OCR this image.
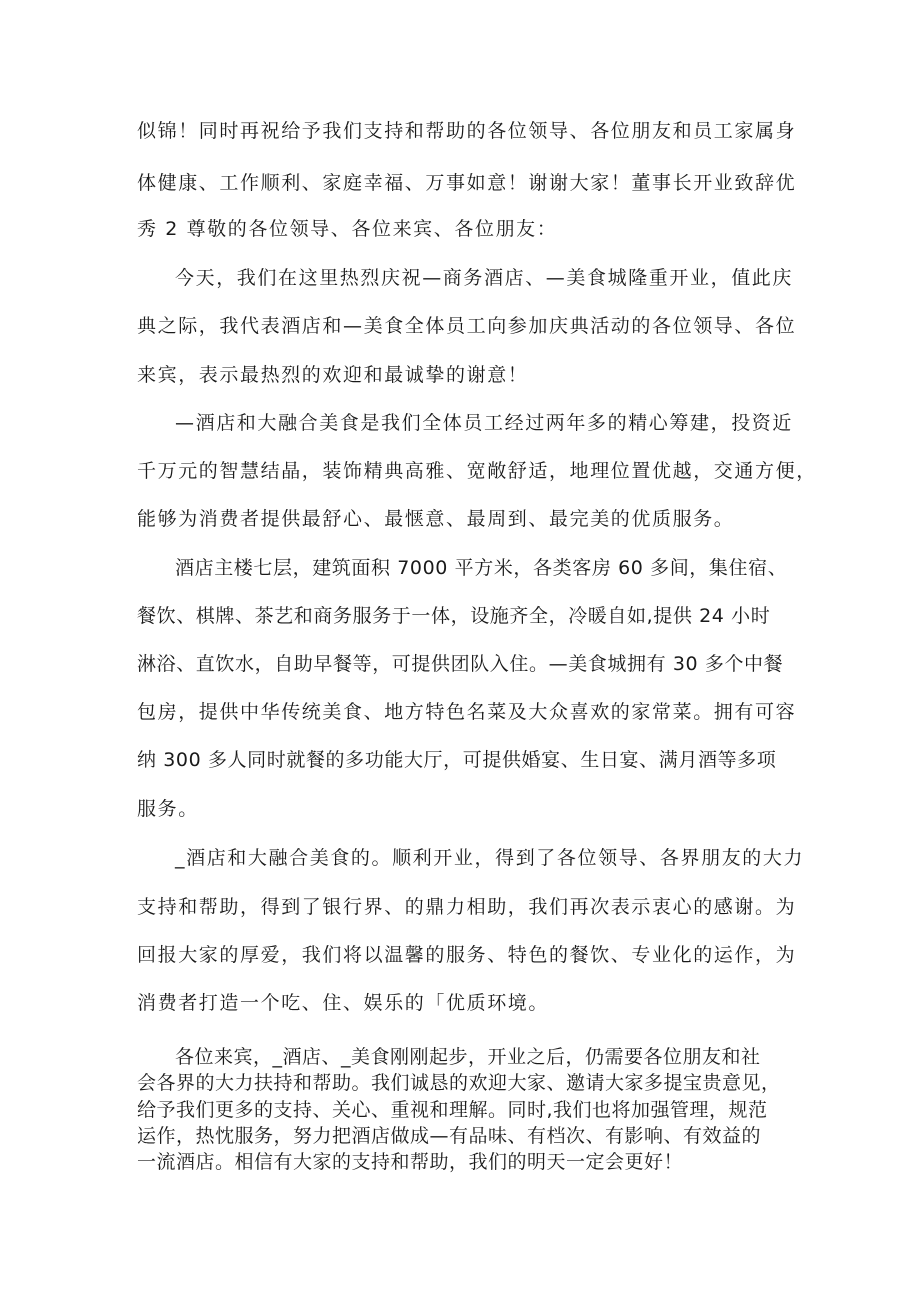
似锦！同时再祝给予我们支持和帮助的各位领导、各位朋友和员工家属身
体健康、工作顺利、家庭幸福、万事如意！谢谢大家！董事长开业致辞优
秀 2 尊敬的各位领导、各位来宾、各位朋友：
今天，我们在这里热烈庆祝—商务酒店、—美食城隆重开业，值此庆
典之际，我代表酒店和—美食全体员工向参加庆典活动的各位领导、各位
来宾，表示最热烈的欢迎和最诚挚的谢意！
—酒店和大融合美食是我们全体员工经过两年多的精心筹建，投资近
千万元的智慧结晶，装饰精典高雅、宽敞舒适，地理位置优越，交通方便，
能够为消费者提供最舒心、最惬意、最周到、最完美的优质服务。
酒店主楼七层，建筑面积 7000 平方米，各类客房 60 多间，集住宿、
餐饮、棋牌、茶艺和商务服务于一体，设施齐全，冷暖自如,提供 24 小时
淋浴、直饮水，自助早餐等，可提供团队入住。—美食城拥有 30 多个中餐
包房，提供中华传统美食、地方特色名菜及大众喜欢的家常菜。拥有可容
纳 300 多人同时就餐的多功能大厅，可提供婚宴、生日宴、满月酒等多项
服务。
_酒店和大融合美食的。顺利开业，得到了各位领导、各界朋友的大力
支持和帮助，得到了银行界、的鼎力相助，我们再次表示衷心的感谢。为
回报大家的厚爱，我们将以温馨的服务、特色的餐饮、专业化的运作，为
消费者打造一个吃、住、娱乐的「优质环境。
各位来宾，_酒店、_美食刚刚起步，开业之后，仍需要各位朋友和社
会各界的大力扶持和帮助。我们诚恳的欢迎大家、邀请大家多提宝贵意见，
给予我们更多的支持、关心、重视和理解。同时,我们也将加强管理，规范
运作，热忱服务，努力把酒店做成—有品味、有档次、有影响、有效益的
一流酒店。相信有大家的支持和帮助，我们的明天一定会更好！
